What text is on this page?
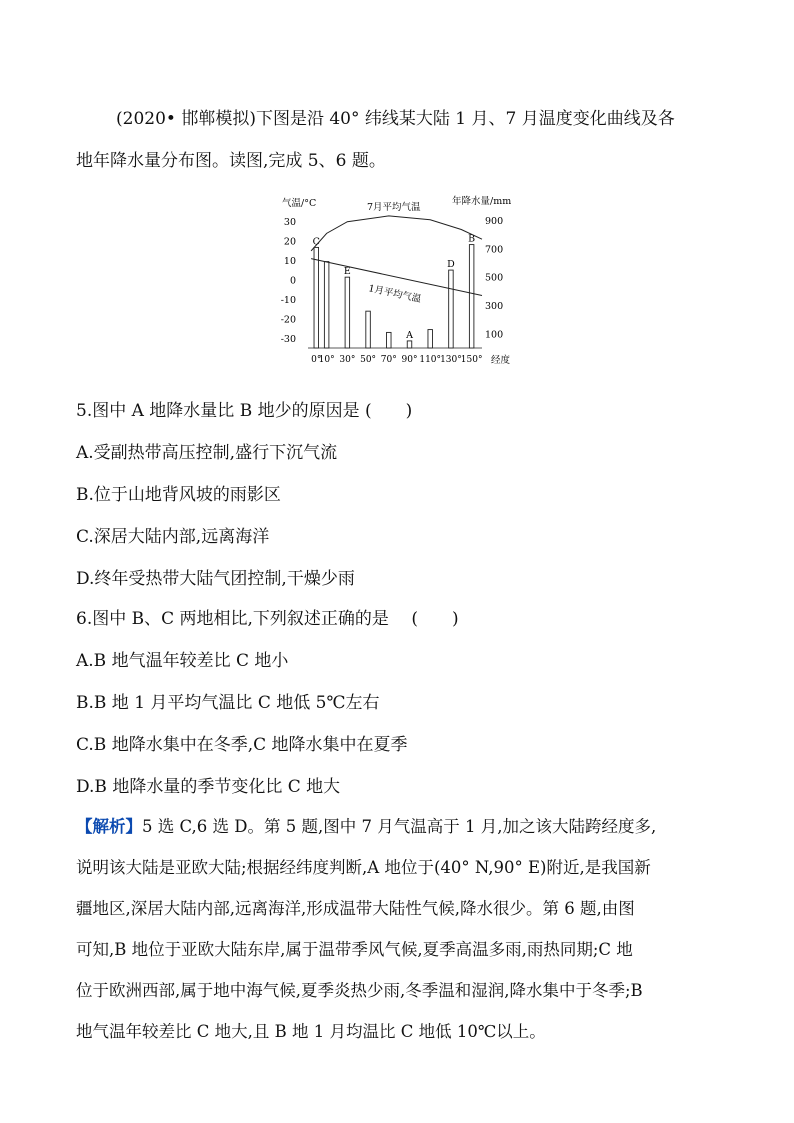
(2020• 邯郸模拟)下图是沿 40° 纬线某大陆 1 月、7 月温度变化曲线及各
地年降水量分布图。读图,完成 5、6 题。
气温/°C	年降水量/mm
经度
30
20
10
0
-10
-20
-30
900
700
500
300
100
0°
10° 30° 50° 70° 90° 110° 130° 150°
C
E
A
D
B
7月平均气温
1月平均气温
5.图中 A 地降水量比 B 地少的原因是 (　　)
A.受副热带高压控制,盛行下沉气流
B.位于山地背风坡的雨影区
C.深居大陆内部,远离海洋
D.终年受热带大陆气团控制,干燥少雨
6.图中 B、C 两地相比,下列叙述正确的是　 (　　)
A.B 地气温年较差比 C 地小
B.B 地 1 月平均气温比 C 地低 5℃左右
C.B 地降水集中在冬季,C 地降水集中在夏季
D.B 地降水量的季节变化比 C 地大
【解析】5 选 C,6 选 D。第 5 题,图中 7 月气温高于 1 月,加之该大陆跨经度多,
说明该大陆是亚欧大陆;根据经纬度判断,A 地位于(40° N,90° E)附近,是我国新
疆地区,深居大陆内部,远离海洋,形成温带大陆性气候,降水很少。第 6 题,由图
可知,B 地位于亚欧大陆东岸,属于温带季风气候,夏季高温多雨,雨热同期;C 地
位于欧洲西部,属于地中海气候,夏季炎热少雨,冬季温和湿润,降水集中于冬季;B
地气温年较差比 C 地大,且 B 地 1 月均温比 C 地低 10℃以上。
